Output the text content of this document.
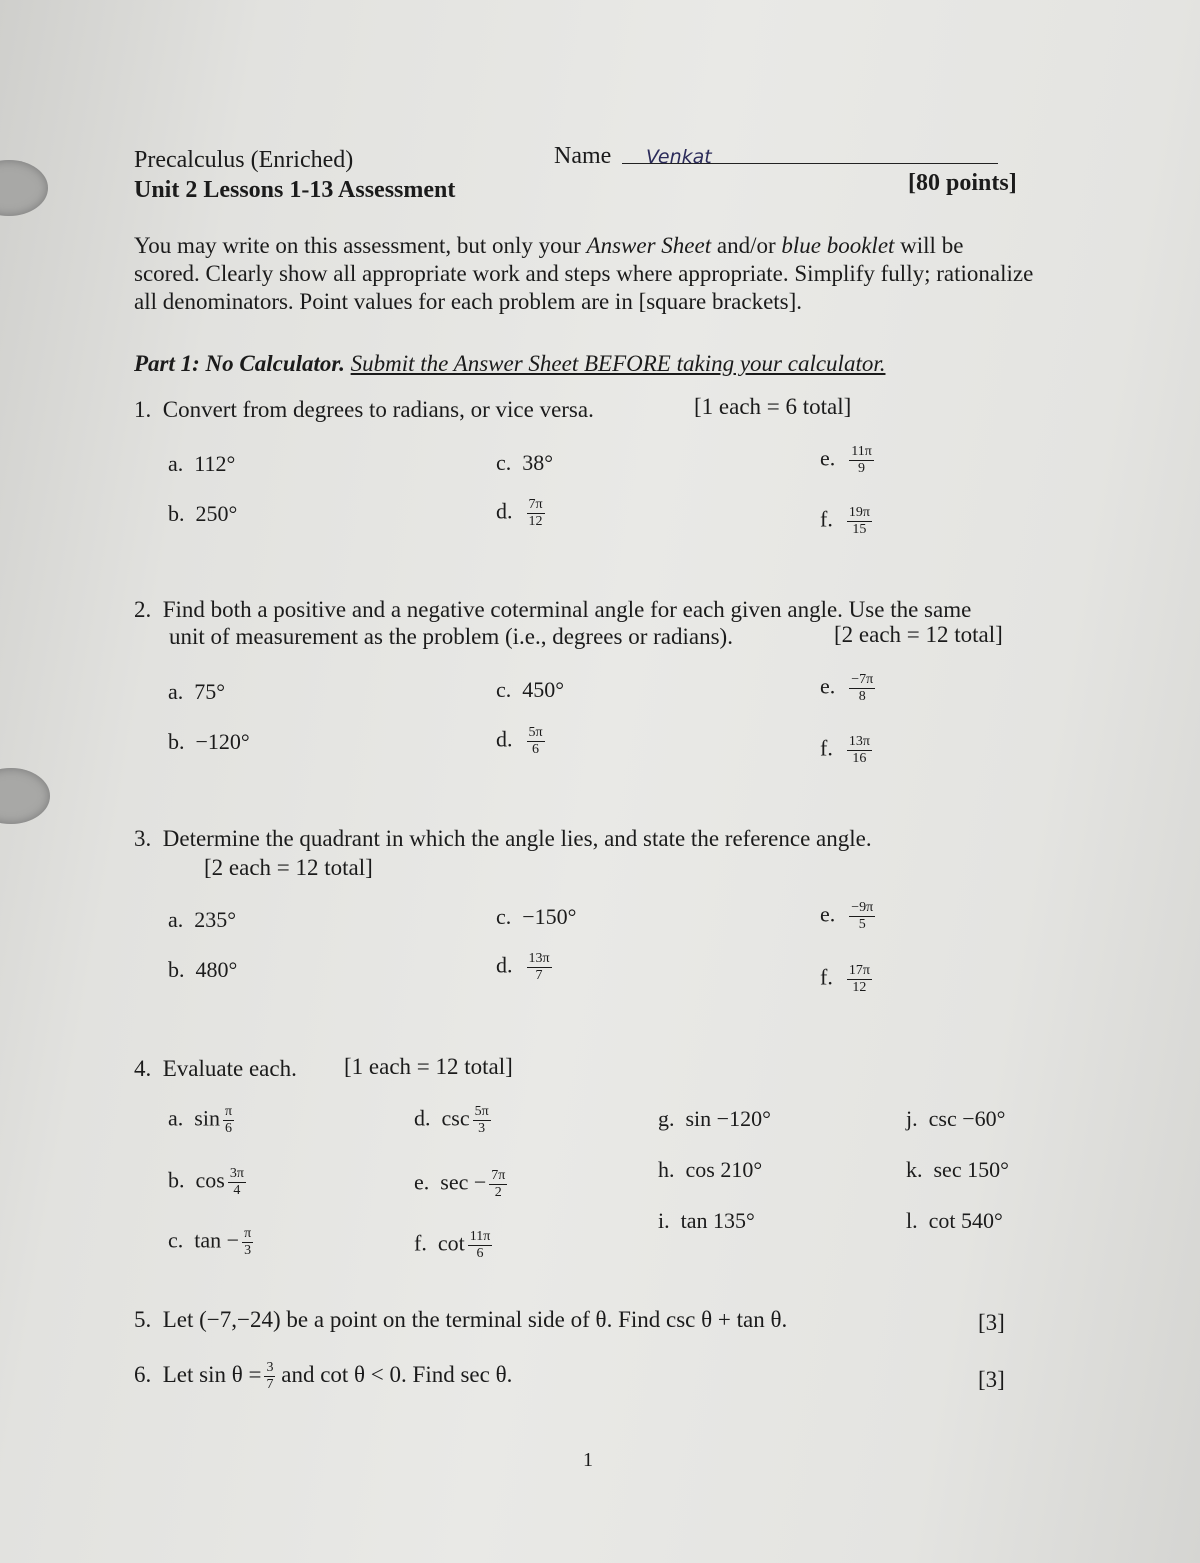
Precalculus (Enriched)
Unit 2 Lessons 1-13 Assessment
Name Venkat
[80 points]
You may write on this assessment, but only your Answer Sheet and/or blue booklet will be scored. Clearly show all appropriate work and steps where appropriate. Simplify fully; rationalize all denominators. Point values for each problem are in [square brackets].
Part 1: No Calculator. Submit the Answer Sheet BEFORE taking your calculator.
1. Convert from degrees to radians, or vice versa.	[1 each = 6 total]
a. 112°
b. 250°
c. 38°
d. $\frac{7\pi}{12}$
e. $\frac{11\pi}{9}$
f. $\frac{19\pi}{15}$
2. Find both a positive and a negative coterminal angle for each given angle. Use the same
unit of measurement as the problem (i.e., degrees or radians).	[2 each = 12 total]
a. 75°
b. −120°
c. 450°
d. $\frac{5\pi}{6}$
e. $\frac{-7\pi}{8}$
f. $\frac{13\pi}{16}$
3. Determine the quadrant in which the angle lies, and state the reference angle.
[2 each = 12 total]
a. 235°
b. 480°
c. −150°
d. $\frac{13\pi}{7}$
e. $\frac{-9\pi}{5}$
f. $\frac{17\pi}{12}$
4. Evaluate each. [1 each = 12 total]
a. $\sin \frac{\pi}{6}$
b. $\cos \frac{3\pi}{4}$
c. $\tan - \frac{\pi}{3}$
d. $\csc \frac{5\pi}{3}$
e. $\sec - \frac{7\pi}{2}$
f. $\cot \frac{11\pi}{6}$
g. sin −120°
h. cos 210°
i. tan 135°
j. csc −60°
k. sec 150°
l. cot 540°
5. Let (−7,−24) be a point on the terminal side of θ. Find csc θ + tan θ.	[3]
6. Let $\sin \theta = \frac{3}{7}$ and cot θ < 0. Find sec θ.	[3]
1
